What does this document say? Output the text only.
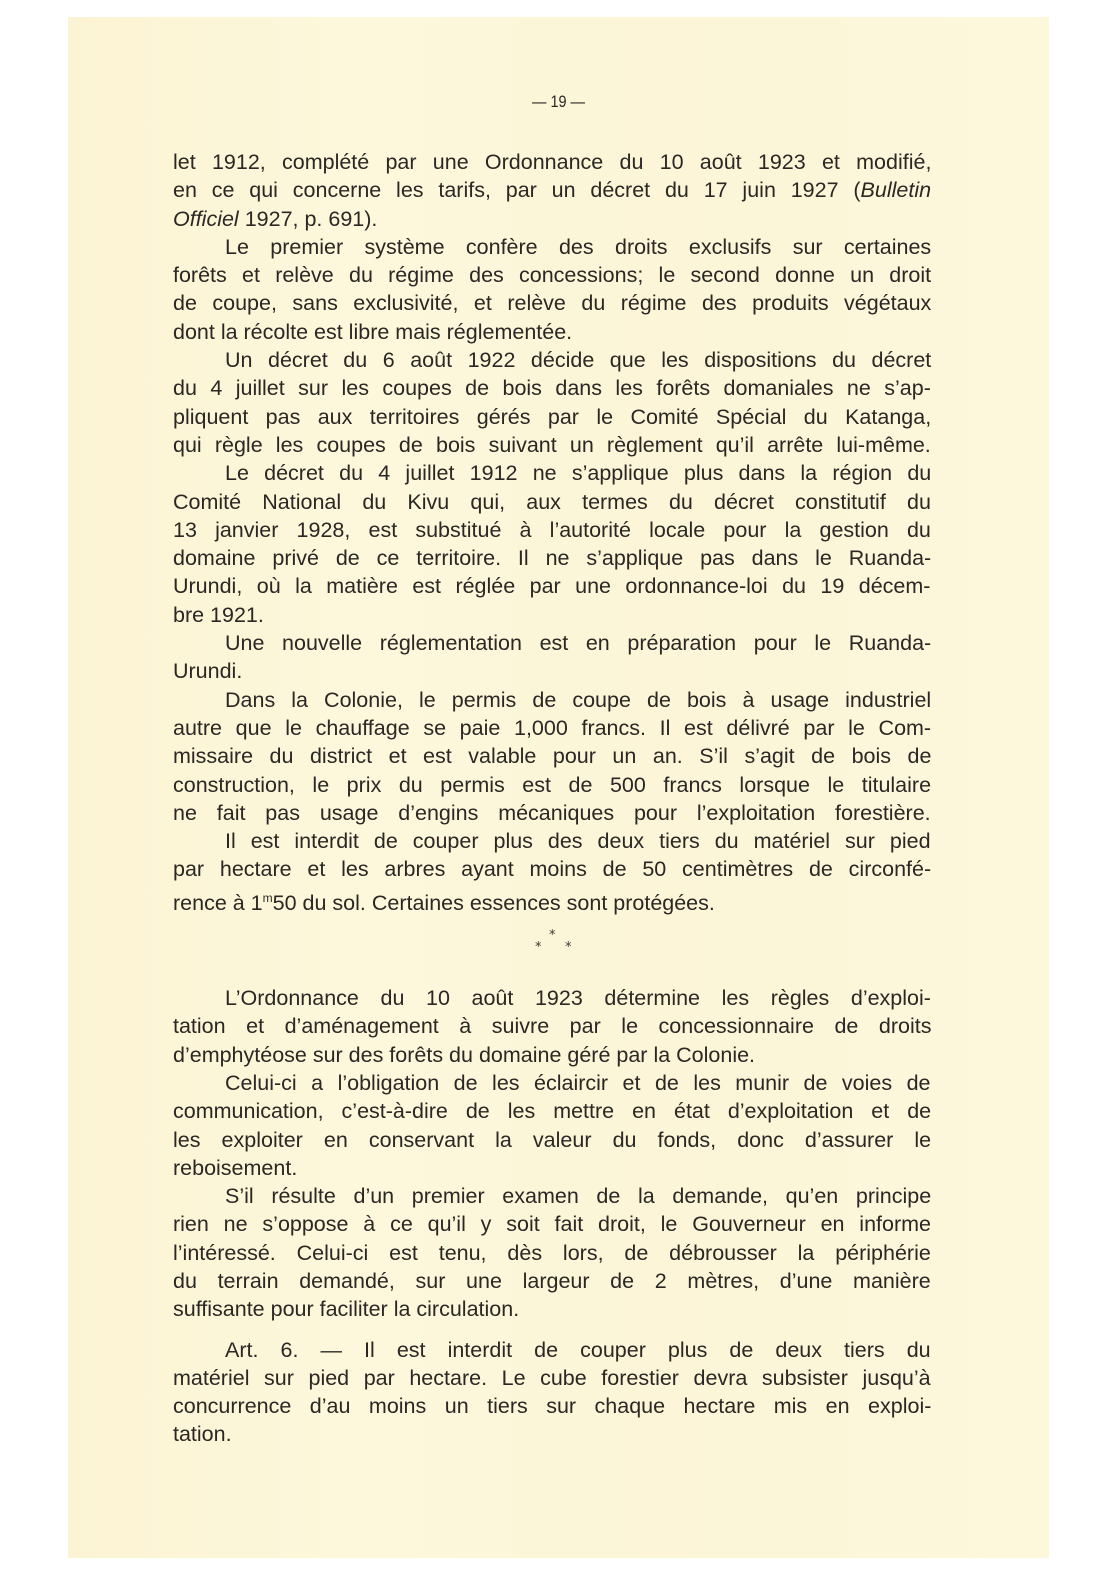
— 19 —
let 1912, complété par une Ordonnance du 10 août 1923 et modifié,
en ce qui concerne les tarifs, par un décret du 17 juin 1927 (Bulletin
Officiel 1927, p. 691).
Le premier système confère des droits exclusifs sur certaines
forêts et relève du régime des concessions; le second donne un droit
de coupe, sans exclusivité, et relève du régime des produits végétaux
dont la récolte est libre mais réglementée.
Un décret du 6 août 1922 décide que les dispositions du décret
du 4 juillet sur les coupes de bois dans les forêts domaniales ne s’ap-
pliquent pas aux territoires gérés par le Comité Spécial du Katanga,
qui règle les coupes de bois suivant un règlement qu’il arrête lui-même.
Le décret du 4 juillet 1912 ne s’applique plus dans la région du
Comité National du Kivu qui, aux termes du décret constitutif du
13 janvier 1928, est substitué à l’autorité locale pour la gestion du
domaine privé de ce territoire. Il ne s’applique pas dans le Ruanda-
Urundi, où la matière est réglée par une ordonnance-loi du 19 décem-
bre 1921.
Une nouvelle réglementation est en préparation pour le Ruanda-
Urundi.
Dans la Colonie, le permis de coupe de bois à usage industriel
autre que le chauffage se paie 1,000 francs. Il est délivré par le Com-
missaire du district et est valable pour un an. S’il s’agit de bois de
construction, le prix du permis est de 500 francs lorsque le titulaire
ne fait pas usage d’engins mécaniques pour l’exploitation forestière.
Il est interdit de couper plus des deux tiers du matériel sur pied
par hectare et les arbres ayant moins de 50 centimètres de circonfé-
rence à 1$^m$50 du sol. Certaines essences sont protégées.
*
*
*
L’Ordonnance du 10 août 1923 détermine les règles d’exploi-
tation et d’aménagement à suivre par le concessionnaire de droits
d’emphytéose sur des forêts du domaine géré par la Colonie.
Celui-ci a l’obligation de les éclaircir et de les munir de voies de
communication, c’est-à-dire de les mettre en état d’exploitation et de
les exploiter en conservant la valeur du fonds, donc d’assurer le
reboisement.
S’il résulte d’un premier examen de la demande, qu’en principe
rien ne s’oppose à ce qu’il y soit fait droit, le Gouverneur en informe
l’intéressé. Celui-ci est tenu, dès lors, de débrousser la périphérie
du terrain demandé, sur une largeur de 2 mètres, d’une manière
suffisante pour faciliter la circulation.
Art. 6. — Il est interdit de couper plus de deux tiers du
matériel sur pied par hectare. Le cube forestier devra subsister jusqu’à
concurrence d’au moins un tiers sur chaque hectare mis en exploi-
tation.
